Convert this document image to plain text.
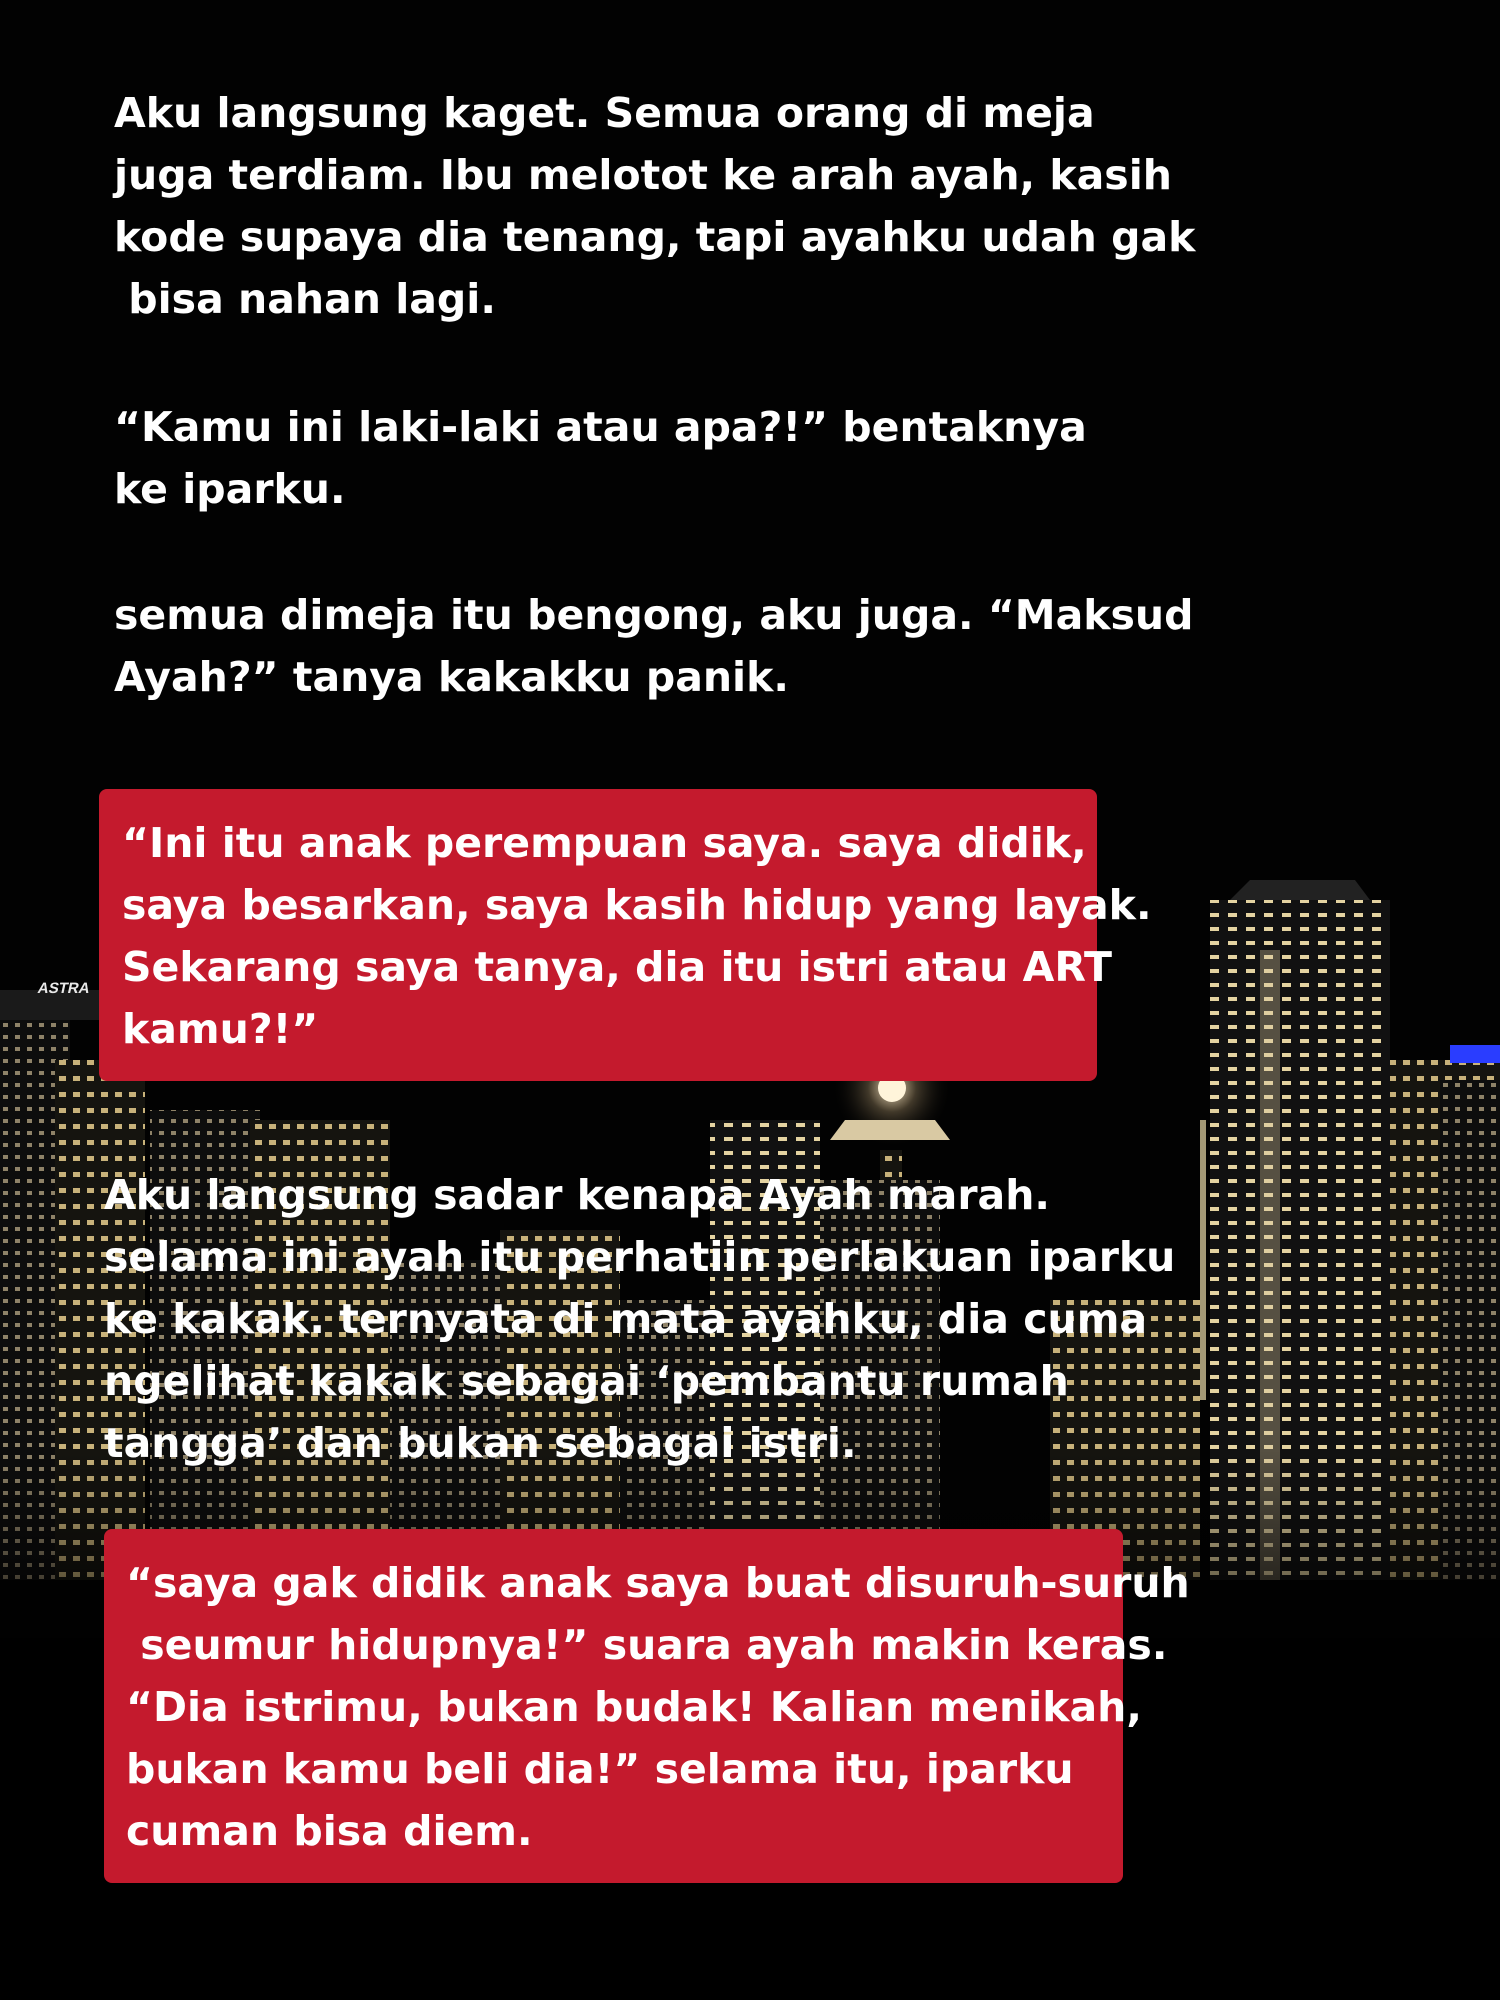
ASTRA

Aku langsung kaget. Semua orang di meja

juga terdiam. Ibu melotot ke arah ayah, kasih

kode supaya dia tenang, tapi ayahku udah gak

bisa nahan lagi.

“Kamu ini laki-laki atau apa?!” bentaknya

ke iparku.

semua dimeja itu bengong, aku juga. “Maksud

Ayah?” tanya kakakku panik.

“Ini itu anak perempuan saya. saya didik,

saya besarkan, saya kasih hidup yang layak.

Sekarang saya tanya, dia itu istri atau ART

kamu?!”

Aku langsung sadar kenapa Ayah marah.

selama ini ayah itu perhatiin perlakuan iparku

ke kakak. ternyata di mata ayahku, dia cuma

ngelihat kakak sebagai ‘pembantu rumah

tangga’ dan bukan sebagai istri.

“saya gak didik anak saya buat disuruh-suruh

seumur hidupnya!” suara ayah makin keras.

“Dia istrimu, bukan budak! Kalian menikah,

bukan kamu beli dia!” selama itu, iparku

cuman bisa diem.
